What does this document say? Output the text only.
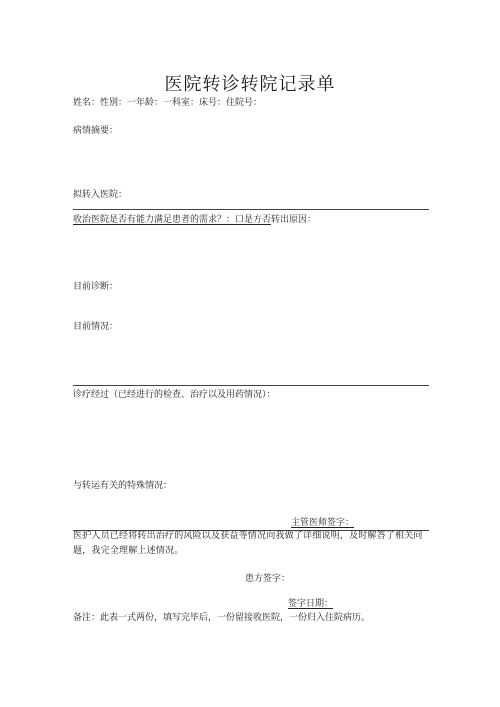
医院转诊转院记录单
姓名：性别：一年龄：一科室：床号：住院号：
病情摘要：
拟转入医院：
收治医院是否有能力满足患者的需求？：口是方否转出原因：
目前诊断：
目前情况：
诊疗经过（已经进行的检查、治疗以及用药情况）：
与转运有关的特殊情况：
主管医师签字：
医护人员已经将转出治疗的风险以及获益等情况向我做了详细说明，及时解答了相关问题，我完全理解上述情况。
患方签字：
签字日期：
备注：此表一式两份，填写完毕后，一份留接收医院，一份归入住院病历。
